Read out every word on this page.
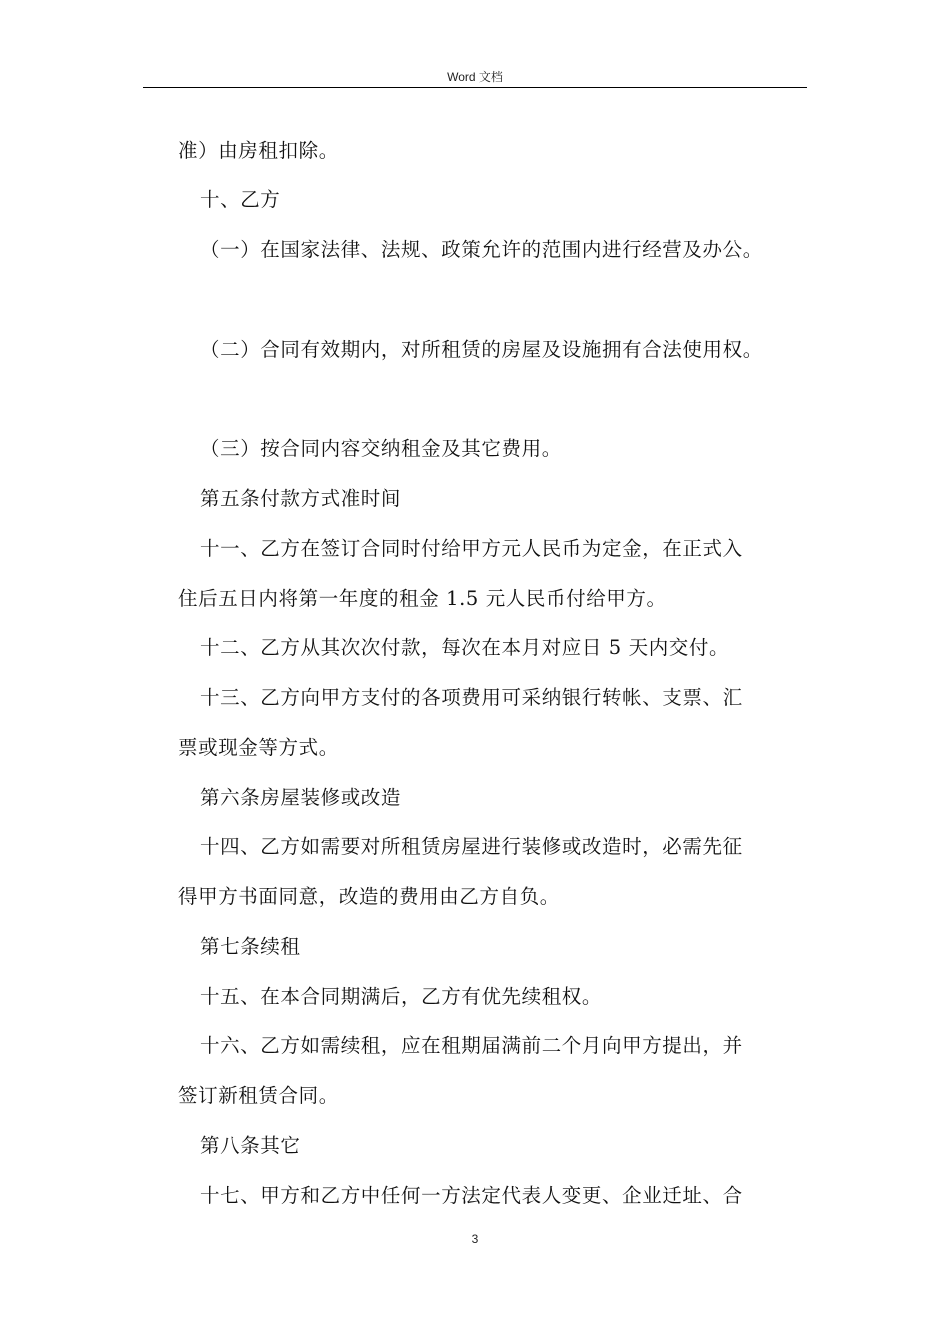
Word 文档
准）由房租扣除。
十、乙方
（一）在国家法律、法规、政策允许的范围内进行经营及办公。
（二）合同有效期内，对所租赁的房屋及设施拥有合法使用权。
（三）按合同内容交纳租金及其它费用。
第五条付款方式准时间
十一、乙方在签订合同时付给甲方元人民币为定金，在正式入
住后五日内将第一年度的租金 1.5 元人民币付给甲方。
十二、乙方从其次次付款，每次在本月对应日 5 天内交付。
十三、乙方向甲方支付的各项费用可采纳银行转帐、支票、汇
票或现金等方式。
第六条房屋装修或改造
十四、乙方如需要对所租赁房屋进行装修或改造时，必需先征
得甲方书面同意，改造的费用由乙方自负。
第七条续租
十五、在本合同期满后，乙方有优先续租权。
十六、乙方如需续租，应在租期届满前二个月向甲方提出，并
签订新租赁合同。
第八条其它
十七、甲方和乙方中任何一方法定代表人变更、企业迁址、合
3
